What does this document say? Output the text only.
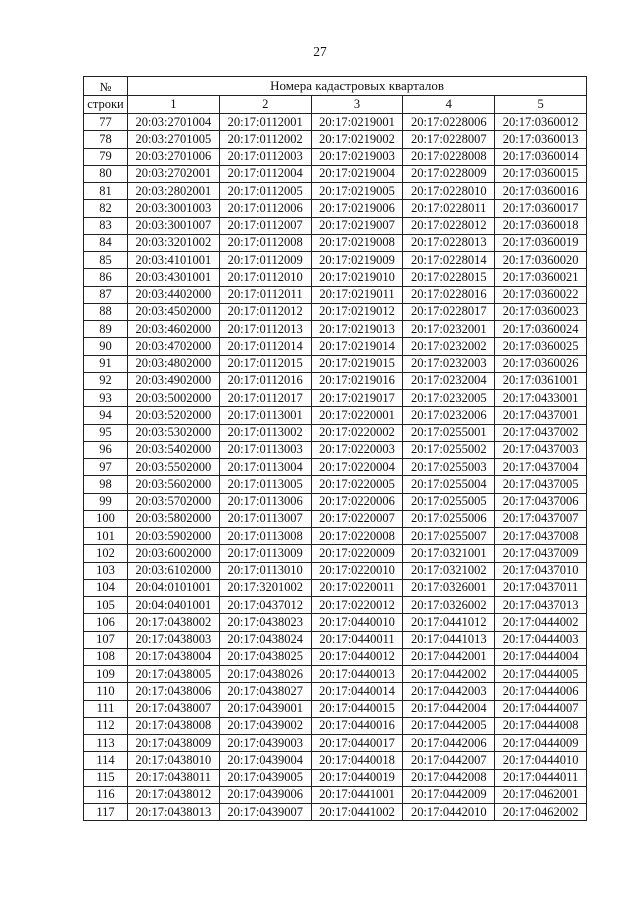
27
№	Номера кадастровых кварталов				
строки	1	2	3	4	5
77	20:03:2701004	20:17:0112001	20:17:0219001	20:17:0228006	20:17:0360012
78	20:03:2701005	20:17:0112002	20:17:0219002	20:17:0228007	20:17:0360013
79	20:03:2701006	20:17:0112003	20:17:0219003	20:17:0228008	20:17:0360014
80	20:03:2702001	20:17:0112004	20:17:0219004	20:17:0228009	20:17:0360015
81	20:03:2802001	20:17:0112005	20:17:0219005	20:17:0228010	20:17:0360016
82	20:03:3001003	20:17:0112006	20:17:0219006	20:17:0228011	20:17:0360017
83	20:03:3001007	20:17:0112007	20:17:0219007	20:17:0228012	20:17:0360018
84	20:03:3201002	20:17:0112008	20:17:0219008	20:17:0228013	20:17:0360019
85	20:03:4101001	20:17:0112009	20:17:0219009	20:17:0228014	20:17:0360020
86	20:03:4301001	20:17:0112010	20:17:0219010	20:17:0228015	20:17:0360021
87	20:03:4402000	20:17:0112011	20:17:0219011	20:17:0228016	20:17:0360022
88	20:03:4502000	20:17:0112012	20:17:0219012	20:17:0228017	20:17:0360023
89	20:03:4602000	20:17:0112013	20:17:0219013	20:17:0232001	20:17:0360024
90	20:03:4702000	20:17:0112014	20:17:0219014	20:17:0232002	20:17:0360025
91	20:03:4802000	20:17:0112015	20:17:0219015	20:17:0232003	20:17:0360026
92	20:03:4902000	20:17:0112016	20:17:0219016	20:17:0232004	20:17:0361001
93	20:03:5002000	20:17:0112017	20:17:0219017	20:17:0232005	20:17:0433001
94	20:03:5202000	20:17:0113001	20:17:0220001	20:17:0232006	20:17:0437001
95	20:03:5302000	20:17:0113002	20:17:0220002	20:17:0255001	20:17:0437002
96	20:03:5402000	20:17:0113003	20:17:0220003	20:17:0255002	20:17:0437003
97	20:03:5502000	20:17:0113004	20:17:0220004	20:17:0255003	20:17:0437004
98	20:03:5602000	20:17:0113005	20:17:0220005	20:17:0255004	20:17:0437005
99	20:03:5702000	20:17:0113006	20:17:0220006	20:17:0255005	20:17:0437006
100	20:03:5802000	20:17:0113007	20:17:0220007	20:17:0255006	20:17:0437007
101	20:03:5902000	20:17:0113008	20:17:0220008	20:17:0255007	20:17:0437008
102	20:03:6002000	20:17:0113009	20:17:0220009	20:17:0321001	20:17:0437009
103	20:03:6102000	20:17:0113010	20:17:0220010	20:17:0321002	20:17:0437010
104	20:04:0101001	20:17:3201002	20:17:0220011	20:17:0326001	20:17:0437011
105	20:04:0401001	20:17:0437012	20:17:0220012	20:17:0326002	20:17:0437013
106	20:17:0438002	20:17:0438023	20:17:0440010	20:17:0441012	20:17:0444002
107	20:17:0438003	20:17:0438024	20:17:0440011	20:17:0441013	20:17:0444003
108	20:17:0438004	20:17:0438025	20:17:0440012	20:17:0442001	20:17:0444004
109	20:17:0438005	20:17:0438026	20:17:0440013	20:17:0442002	20:17:0444005
110	20:17:0438006	20:17:0438027	20:17:0440014	20:17:0442003	20:17:0444006
111	20:17:0438007	20:17:0439001	20:17:0440015	20:17:0442004	20:17:0444007
112	20:17:0438008	20:17:0439002	20:17:0440016	20:17:0442005	20:17:0444008
113	20:17:0438009	20:17:0439003	20:17:0440017	20:17:0442006	20:17:0444009
114	20:17:0438010	20:17:0439004	20:17:0440018	20:17:0442007	20:17:0444010
115	20:17:0438011	20:17:0439005	20:17:0440019	20:17:0442008	20:17:0444011
116	20:17:0438012	20:17:0439006	20:17:0441001	20:17:0442009	20:17:0462001
117	20:17:0438013	20:17:0439007	20:17:0441002	20:17:0442010	20:17:0462002
